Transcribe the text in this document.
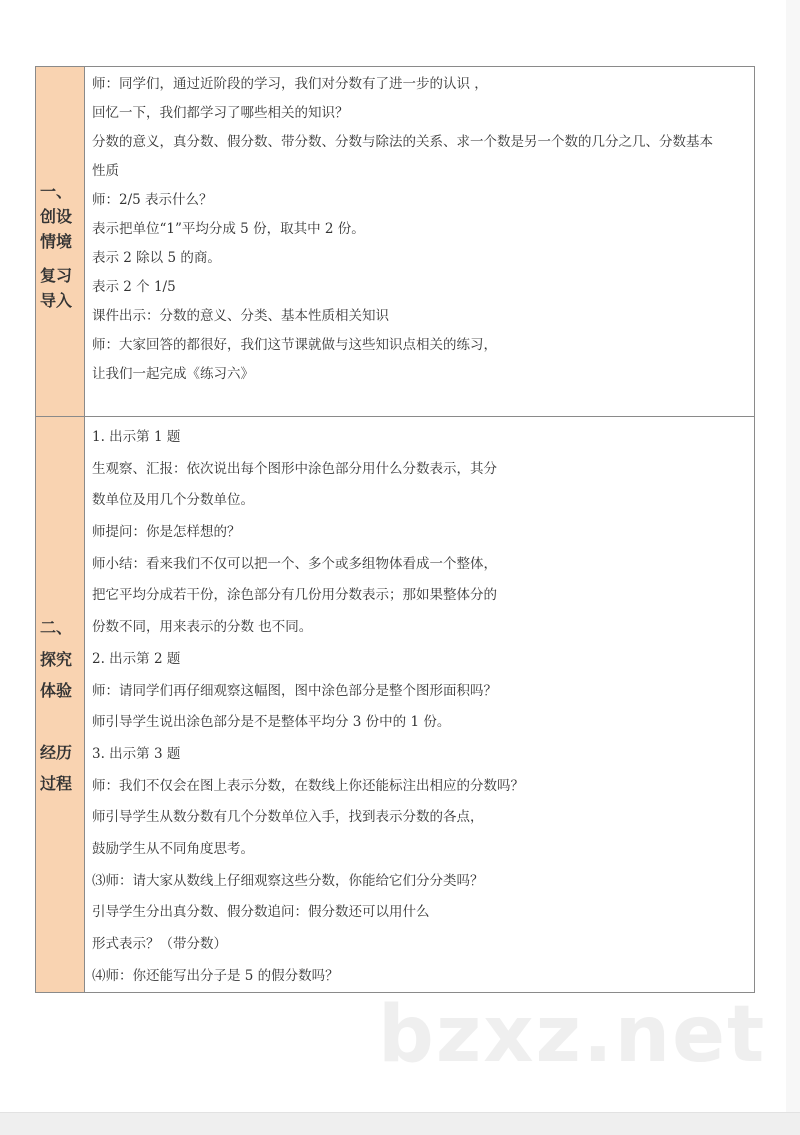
一、
创设
情境
复习
导入
师：同学们，通过近阶段的学习，我们对分数有了进一步的认识 ，
回忆一下，我们都学习了哪些相关的知识？
分数的意义，真分数、假分数、带分数、分数与除法的关系、求一个数是另一个数的几分之几、分数基本
性质
师：2/5 表示什么？
表示把单位“1”平均分成 5 份，取其中 2 份。
表示 2 除以 5 的商。
表示 2 个 1/5
课件出示：分数的意义、分类、基本性质相关知识
师：大家回答的都很好，我们这节课就做与这些知识点相关的练习，
让我们一起完成《练习六》
二、
探究
体验
经历
过程
1. 出示第 1 题
生观察、汇报：依次说出每个图形中涂色部分用什么分数表示，其分
数单位及用几个分数单位。
师提问：你是怎样想的？
师小结：看来我们不仅可以把一个、多个或多组物体看成一个整体，
把它平均分成若干份，涂色部分有几份用分数表示；那如果整体分的
份数不同，用来表示的分数 也不同。
2. 出示第 2 题
师：请同学们再仔细观察这幅图，图中涂色部分是整个图形面积吗？
师引导学生说出涂色部分是不是整体平均分 3 份中的 1 份。
3. 出示第 3 题
师：我们不仅会在图上表示分数，在数线上你还能标注出相应的分数吗？
师引导学生从数分数有几个分数单位入手，找到表示分数的各点，
鼓励学生从不同角度思考。
⑶师：请大家从数线上仔细观察这些分数，你能给它们分分类吗？
引导学生分出真分数、假分数追问：假分数还可以用什么
形式表示？（带分数）
⑷师：你还能写出分子是 5 的假分数吗？
bzxz.net
